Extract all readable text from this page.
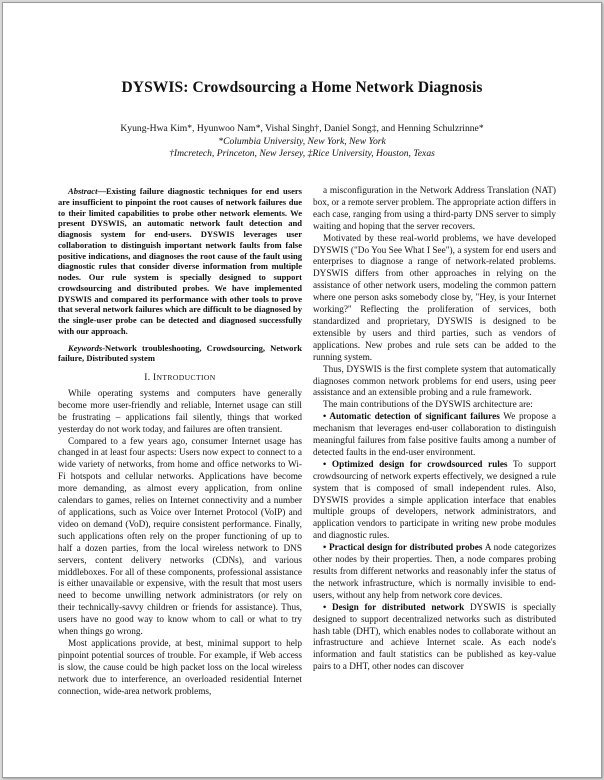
DYSWIS: Crowdsourcing a Home Network Diagnosis
Kyung-Hwa Kim*, Hyunwoo Nam*, Vishal Singh†, Daniel Song‡, and Henning Schulzrinne*
*Columbia University, New York, New York
†Imcretech, Princeton, New Jersey, ‡Rice University, Houston, Texas

Abstract—Existing failure diagnostic techniques for end users are insufficient to pinpoint the root causes of network failures due to their limited capabilities to probe other network elements. We present DYSWIS, an automatic network fault detection and diagnosis system for end-users. DYSWIS leverages user collaboration to distinguish important network faults from false positive indications, and diagnoses the root cause of the fault using diagnostic rules that consider diverse information from multiple nodes. Our rule system is specially designed to support crowdsourcing and distributed probes. We have implemented DYSWIS and compared its performance with other tools to prove that several network failures which are difficult to be diagnosed by the single-user probe can be detected and diagnosed successfully with our approach.

Keywords-Network troubleshooting, Crowdsourcing, Network failure, Distributed system

I. INTRODUCTION

While operating systems and computers have generally become more user-friendly and reliable, Internet usage can still be frustrating – applications fail silently, things that worked yesterday do not work today, and failures are often transient.

Compared to a few years ago, consumer Internet usage has changed in at least four aspects: Users now expect to connect to a wide variety of networks, from home and office networks to Wi-Fi hotspots and cellular networks. Applications have become more demanding, as almost every application, from online calendars to games, relies on Internet connectivity and a number of applications, such as Voice over Internet Protocol (VoIP) and video on demand (VoD), require consistent performance. Finally, such applications often rely on the proper functioning of up to half a dozen parties, from the local wireless network to DNS servers, content delivery networks (CDNs), and various middleboxes. For all of these components, professional assistance is either unavailable or expensive, with the result that most users need to become unwilling network administrators (or rely on their technically-savvy children or friends for assistance). Thus, users have no good way to know whom to call or what to try when things go wrong.

Most applications provide, at best, minimal support to help pinpoint potential sources of trouble. For example, if Web access is slow, the cause could be high packet loss on the local wireless network due to interference, an overloaded residential Internet connection, wide-area network problems,

a misconfiguration in the Network Address Translation (NAT) box, or a remote server problem. The appropriate action differs in each case, ranging from using a third-party DNS server to simply waiting and hoping that the server recovers.

Motivated by these real-world problems, we have developed DYSWIS ("Do You See What I See"), a system for end users and enterprises to diagnose a range of network-related problems. DYSWIS differs from other approaches in relying on the assistance of other network users, modeling the common pattern where one person asks somebody close by, "Hey, is your Internet working?" Reflecting the proliferation of services, both standardized and proprietary, DYSWIS is designed to be extensible by users and third parties, such as vendors of applications. New probes and rule sets can be added to the running system.

Thus, DYSWIS is the first complete system that automatically diagnoses common network problems for end users, using peer assistance and an extensible probing and a rule framework.

The main contributions of the DYSWIS architecture are:

• Automatic detection of significant failures We propose a mechanism that leverages end-user collaboration to distinguish meaningful failures from false positive faults among a number of detected faults in the end-user environment.

• Optimized design for crowdsourced rules To support crowdsourcing of network experts effectively, we designed a rule system that is composed of small independent rules. Also, DYSWIS provides a simple application interface that enables multiple groups of developers, network administrators, and application vendors to participate in writing new probe modules and diagnostic rules.

• Practical design for distributed probes A node categorizes other nodes by their properties. Then, a node compares probing results from different networks and reasonably infer the status of the network infrastructure, which is normally invisible to end-users, without any help from network core devices.

• Design for distributed network DYSWIS is specially designed to support decentralized networks such as distributed hash table (DHT), which enables nodes to collaborate without an infrastructure and achieve Internet scale. As each node's information and fault statistics can be published as key-value pairs to a DHT, other nodes can discover
